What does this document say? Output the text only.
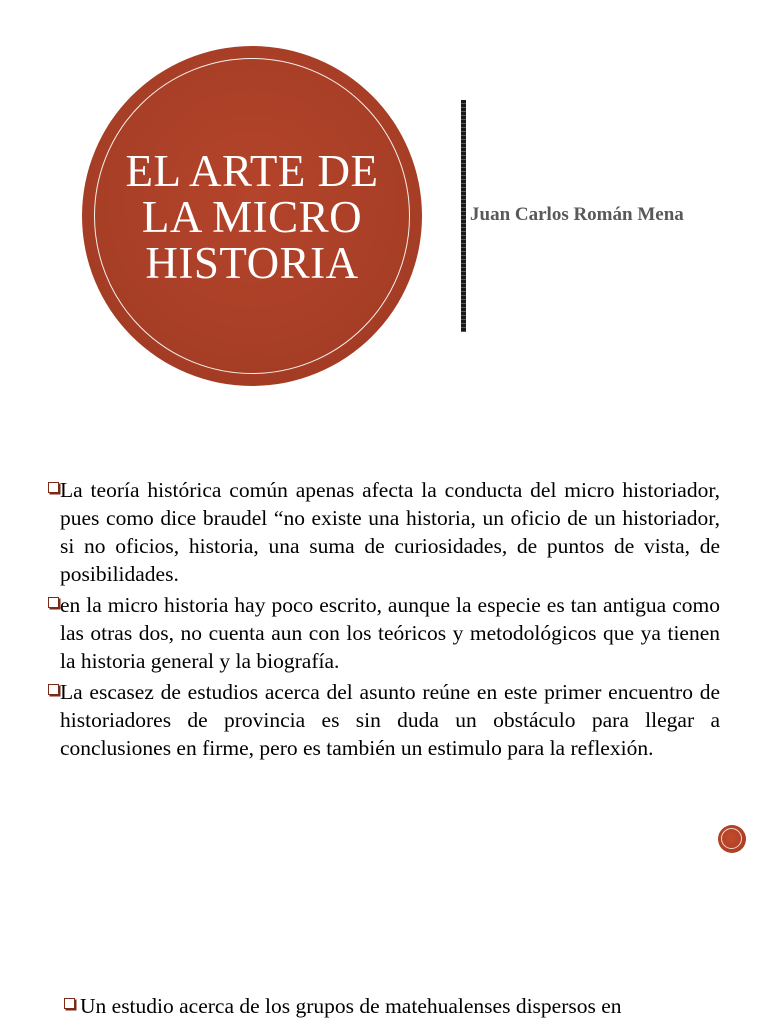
EL ARTE DE
LA MICRO
HISTORIA
Juan Carlos Román Mena
La teoría histórica común apenas afecta la conducta del micro historiador, pues como dice braudel “no existe una historia, un oficio de un historiador, si no oficios, historia, una suma de curiosidades, de puntos de vista, de posibilidades.
en la micro historia hay poco escrito, aunque la especie es tan antigua como las otras dos, no cuenta aun con los teóricos y metodológicos que ya tienen la historia general y la biografía.
La escasez de estudios acerca del asunto reúne en este primer encuentro de historiadores de provincia es sin duda un obstáculo para llegar a conclusiones en firme, pero es también un estimulo para la reflexión.
Un estudio acerca de los grupos de matehualenses dispersos en
